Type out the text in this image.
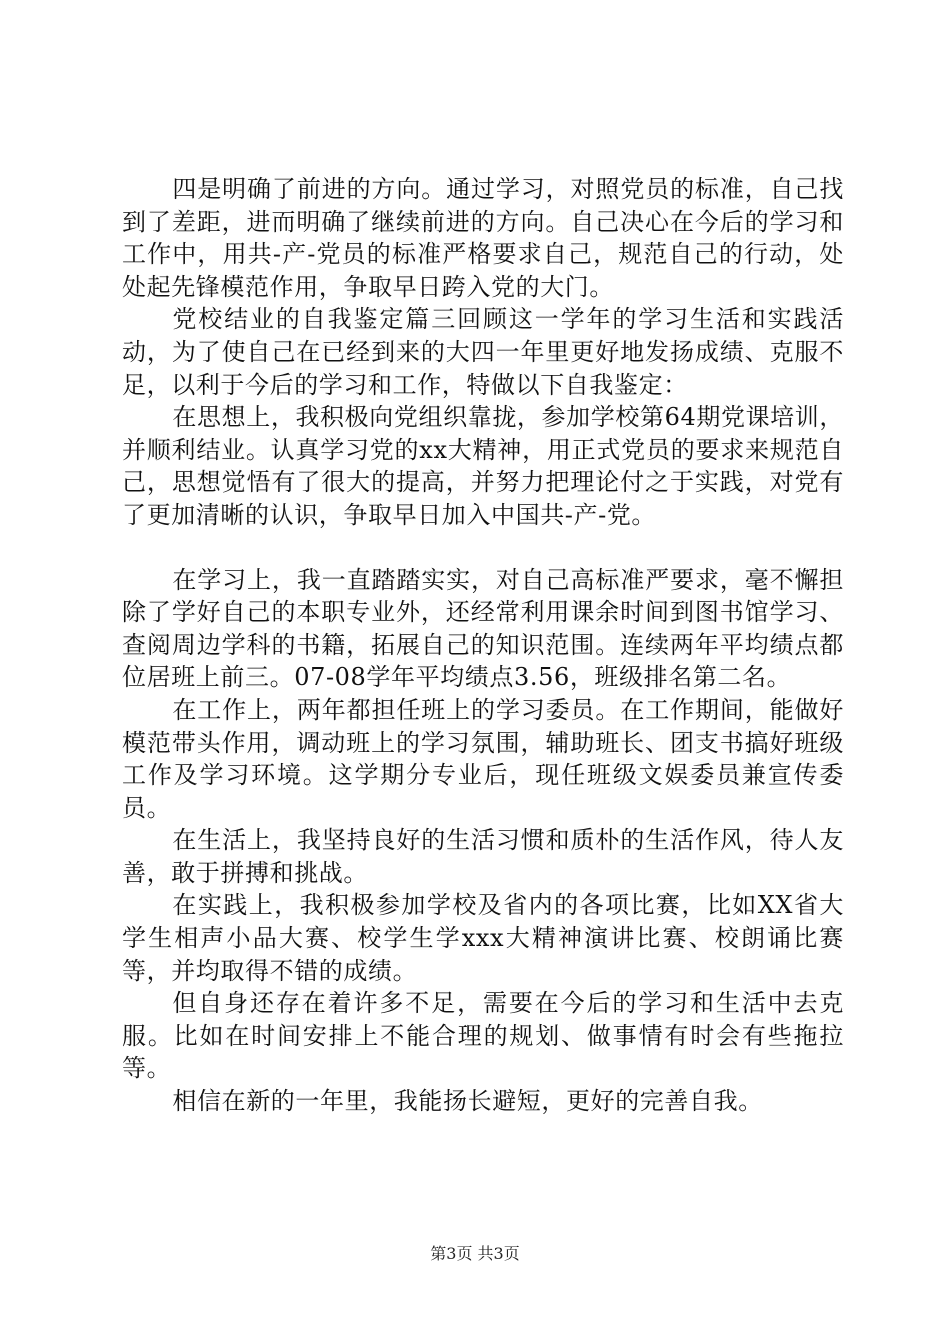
四是明确了前进的方向。通过学习，对照党员的标准，自己找到了差距，进而明确了继续前进的方向。自己决心在今后的学习和工作中，用共-产-党员的标准严格要求自己，规范自己的行动，处处起先锋模范作用，争取早日跨入党的大门。

党校结业的自我鉴定篇三回顾这一学年的学习生活和实践活动，为了使自己在已经到来的大四一年里更好地发扬成绩、克服不足，以利于今后的学习和工作，特做以下自我鉴定：

在思想上，我积极向党组织靠拢，参加学校第64期党课培训，并顺利结业。认真学习党的xx大精神，用正式党员的要求来规范自己，思想觉悟有了很大的提高，并努力把理论付之于实践，对党有了更加清晰的认识，争取早日加入中国共-产-党。

在学习上，我一直踏踏实实，对自己高标准严要求，毫不懈担除了学好自己的本职专业外，还经常利用课余时间到图书馆学习、查阅周边学科的书籍，拓展自己的知识范围。连续两年平均绩点都位居班上前三。07-08学年平均绩点3.56，班级排名第二名。

在工作上，两年都担任班上的学习委员。在工作期间，能做好模范带头作用，调动班上的学习氛围，辅助班长、团支书搞好班级工作及学习环境。这学期分专业后，现任班级文娱委员兼宣传委员。

在生活上，我坚持良好的生活习惯和质朴的生活作风，待人友善，敢于拼搏和挑战。

在实践上，我积极参加学校及省内的各项比赛，比如XX省大学生相声小品大赛、校学生学xxx大精神演讲比赛、校朗诵比赛等，并均取得不错的成绩。

但自身还存在着许多不足，需要在今后的学习和生活中去克服。比如在时间安排上不能合理的规划、做事情有时会有些拖拉等。

相信在新的一年里，我能扬长避短，更好的完善自我。

第3页 共3页
